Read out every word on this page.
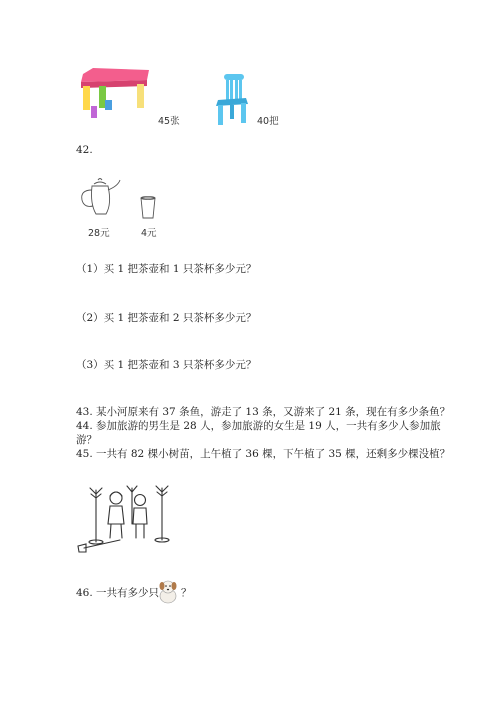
45张	40把
42.
28元	4元
（1）买 1 把茶壶和 1 只茶杯多少元？
（2）买 1 把茶壶和 2 只茶杯多少元？
（3）买 1 把茶壶和 3 只茶杯多少元？
43. 某小河原来有 37 条鱼，游走了 13 条，又游来了 21 条，现在有多少条鱼？
44. 参加旅游的男生是 28 人，参加旅游的女生是 19 人，一共有多少人参加旅
游？
45. 一共有 82 棵小树苗，上午植了 36 棵，下午植了 35 棵，还剩多少棵没植？
46. 一共有多少只 ？
